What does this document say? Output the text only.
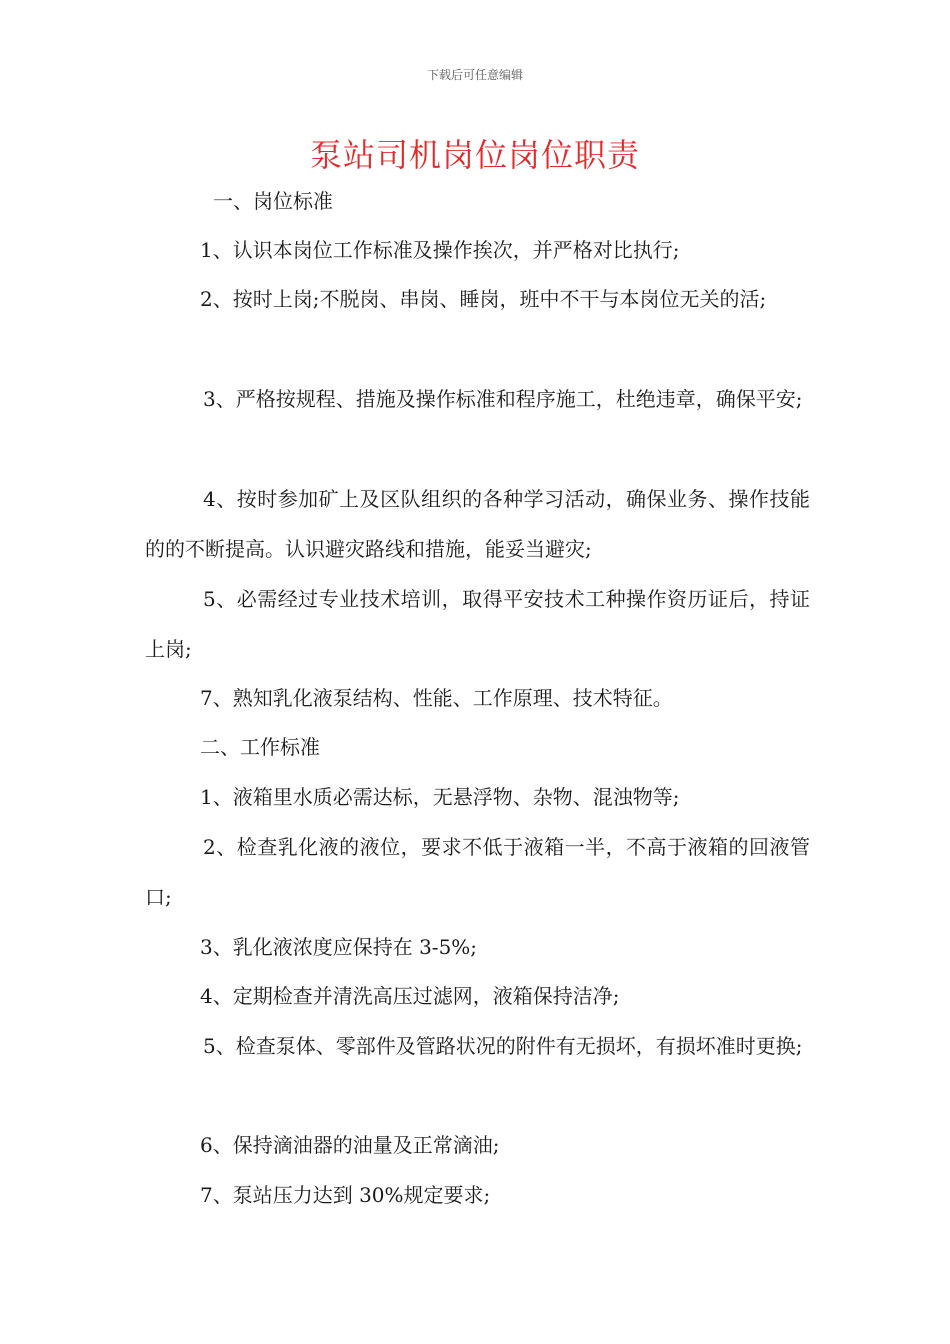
下载后可任意编辑
泵站司机岗位岗位职责
一、岗位标准
1、认识本岗位工作标准及操作挨次，并严格对比执行;
2、按时上岗;不脱岗、串岗、睡岗，班中不干与本岗位无关的活;
3、严格按规程、措施及操作标准和程序施工，杜绝违章，确保平安;
4、按时参加矿上及区队组织的各种学习活动，确保业务、操作技能的的不断提高。认识避灾路线和措施，能妥当避灾;
5、必需经过专业技术培训，取得平安技术工种操作资历证后，持证上岗;
7、熟知乳化液泵结构、性能、工作原理、技术特征。
二、工作标准
1、液箱里水质必需达标，无悬浮物、杂物、混浊物等;
2、检查乳化液的液位，要求不低于液箱一半，不高于液箱的回液管口;
3、乳化液浓度应保持在 3-5%;
4、定期检查并清洗高压过滤网，液箱保持洁净;
5、检查泵体、零部件及管路状况的附件有无损坏，有损坏准时更换;
6、保持滴油器的油量及正常滴油;
7、泵站压力达到 30%规定要求;
